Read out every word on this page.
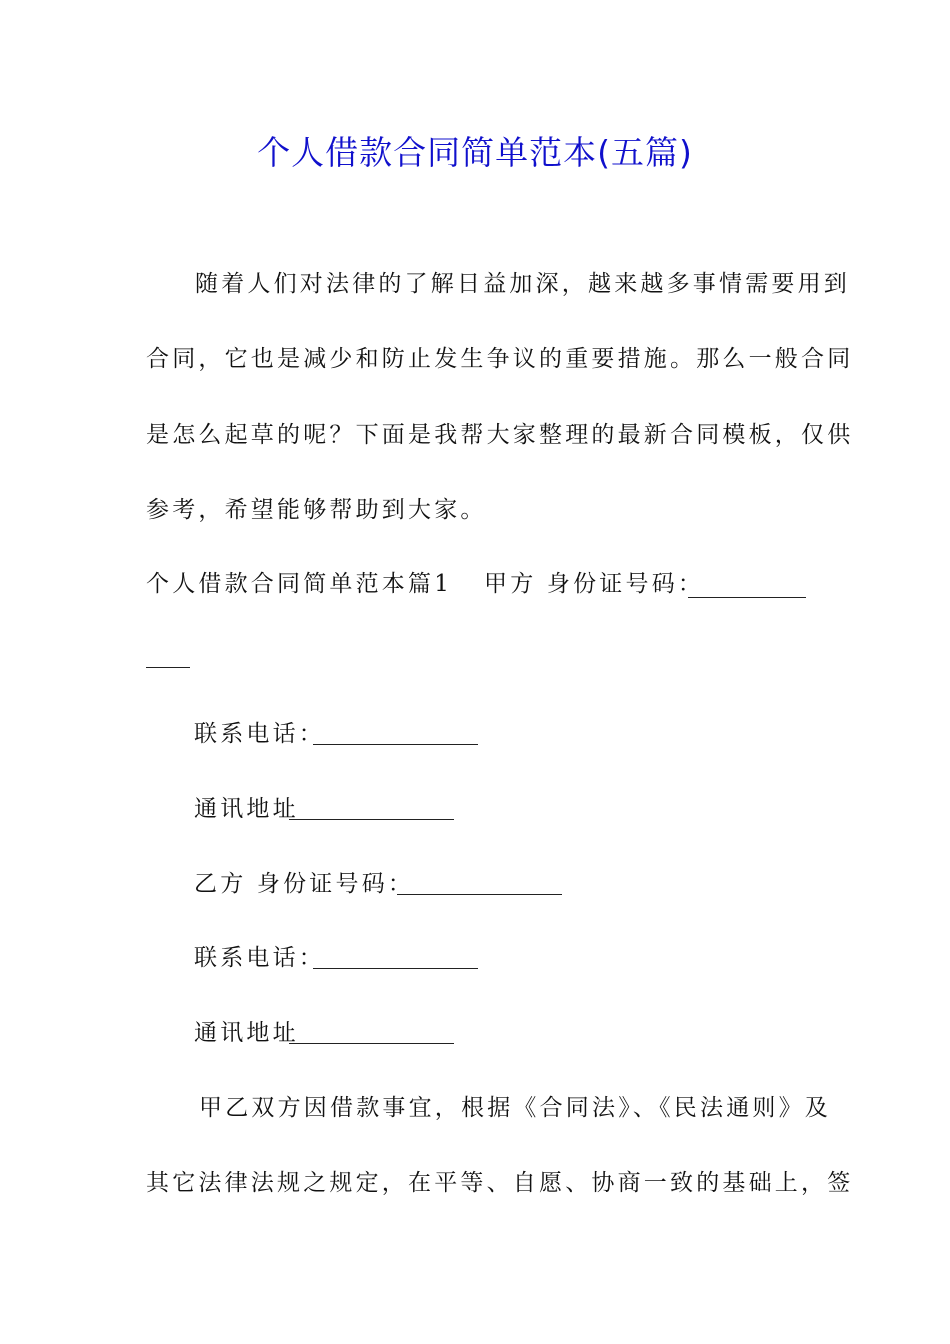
个人借款合同简单范本(五篇)
随着人们对法律的了解日益加深，越来越多事情需要用到
合同，它也是减少和防止发生争议的重要措施。那么一般合同
是怎么起草的呢？下面是我帮大家整理的最新合同模板，仅供
参考，希望能够帮助到大家。
个人借款合同简单范本篇1 甲方 身份证号码：
联系电话：
通讯地址
乙方 身份证号码：
联系电话：
通讯地址
甲乙双方因借款事宜，根据《合同法》、《民法通则》及
其它法律法规之规定，在平等、自愿、协商一致的基础上，签
